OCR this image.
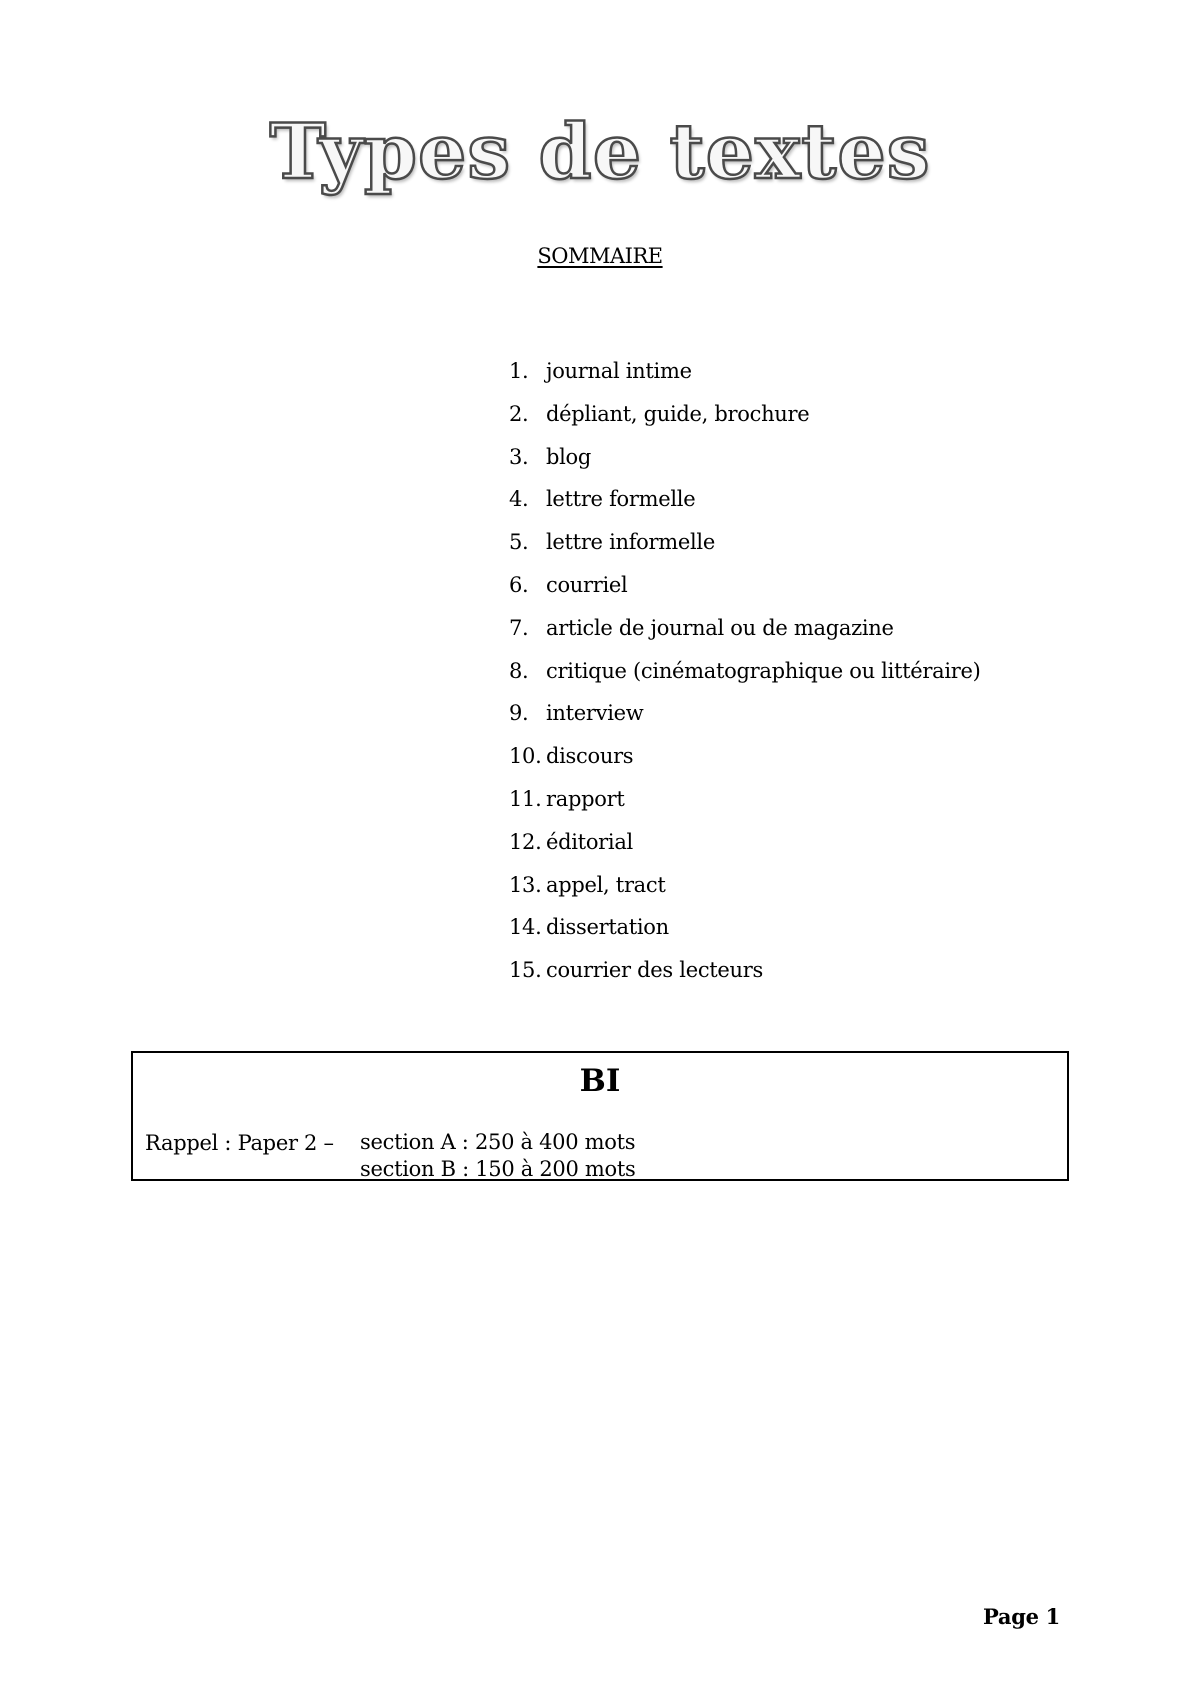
Types de textes
SOMMAIRE
1. journal intime
2. dépliant, guide, brochure
3. blog
4. lettre formelle
5. lettre informelle
6. courriel
7. article de journal ou de magazine
8. critique (cinématographique ou littéraire)
9. interview
10. discours
11. rapport
12. éditorial
13. appel, tract
14. dissertation
15. courrier des lecteurs
BI
Rappel : Paper 2 – section A : 250 à 400 mots
section B : 150 à 200 mots
Page 1
